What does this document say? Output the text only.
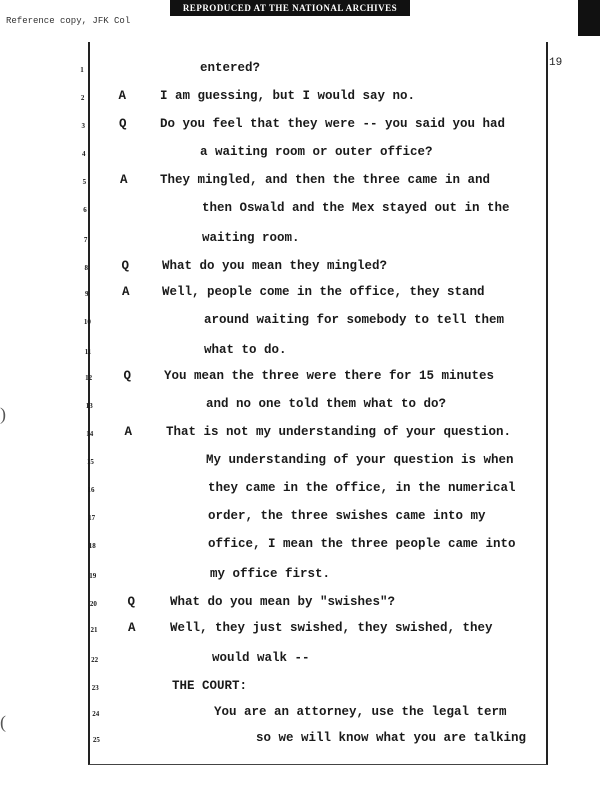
REPRODUCED AT THE NATIONAL ARCHIVES
Reference copy, JFK Col
19
)
(
1	entered?
2	A	I am guessing, but I would say no.
3	Q	Do you feel that they were -- you said you had
4	a waiting room or outer office?
5	A	They mingled, and then the three came in and
6	then Oswald and the Mex stayed out in the
7	waiting room.
8	Q	What do you mean they mingled?
9	A	Well, people come in the office, they stand
10	around waiting for somebody to tell them
11	what to do.
12	Q	You mean the three were there for 15 minutes
13	and no one told them what to do?
14	A	That is not my understanding of your question.
15	My understanding of your question is when
16	they came in the office, in the numerical
17	order, the three swishes came into my
18	office, I mean the three people came into
19	my office first.
20	Q	What do you mean by "swishes"?
21	A	Well, they just swished, they swished, they
22	would walk --
23	THE COURT:
24	You are an attorney, use the legal term
25	so we will know what you are talking
